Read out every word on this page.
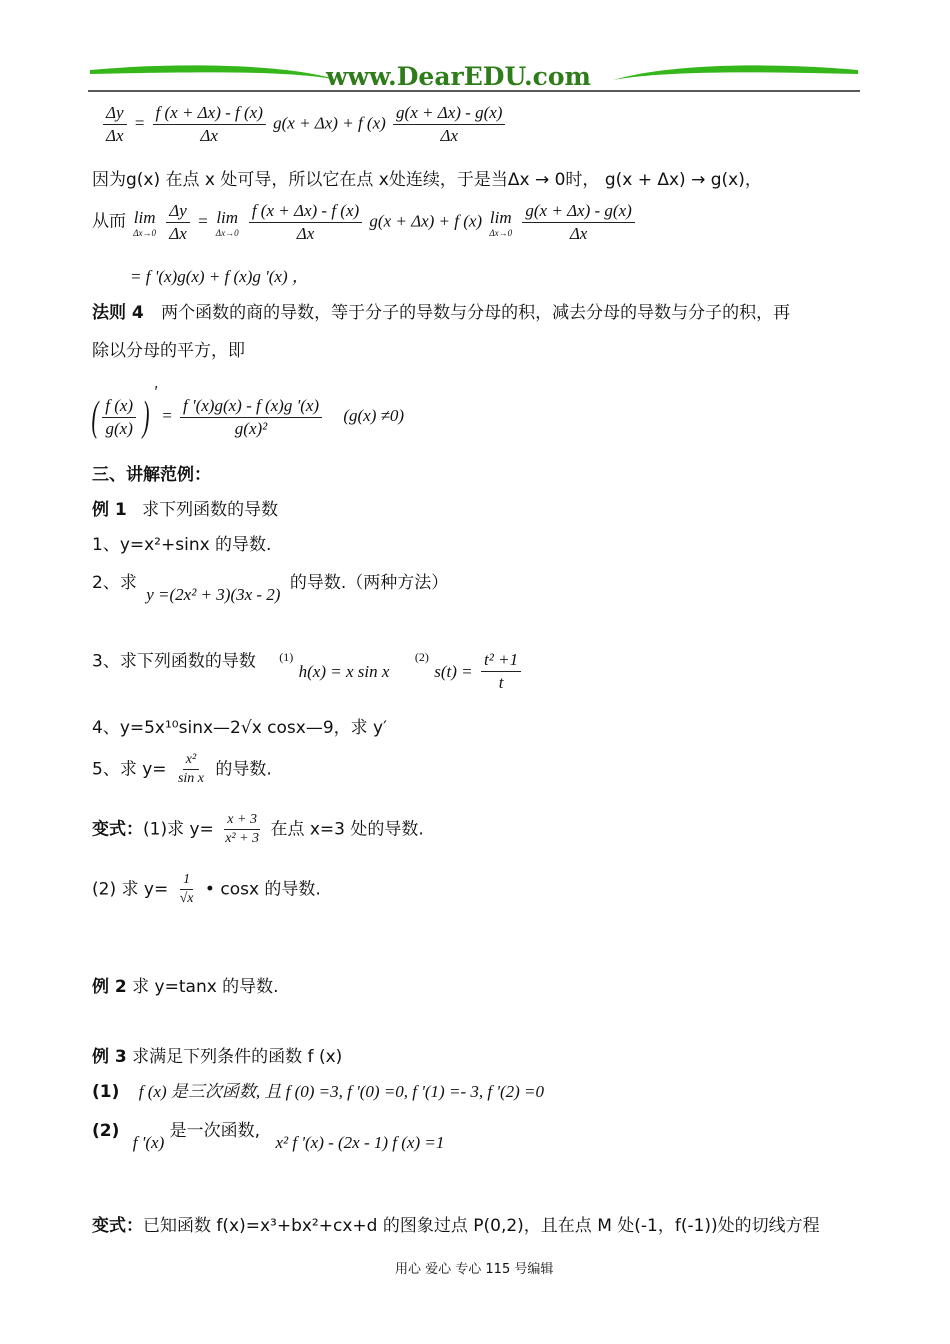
www.DearEDU.com
$\frac{\Delta y}{\Delta x} = \frac{f (x + \Delta x) - f (x)}{\Delta x} g(x + \Delta x) + f$ $(x) \frac{g(x + \Delta x) - g(x)}{\Delta x}$
因为g(x) 在点 x 处可导，所以它在点 x处连续，于是当Δx → 0时， g(x + Δx) → g(x)，
从而 lim
Δx→0
$\frac{\Delta y}{\Delta x} = \lim$
Δx→0
$\frac{f (x + \Delta x) - f (x)}{\Delta x} g(x + \Delta x) + f$ (x) lim
Δx→0
$\frac{g(x + \Delta x) - g(x)}{\Delta x}$
= f '(x)g(x) + f (x)g '(x) ，
法则 4 两个函数的商的导数，等于分子的导数与分母的积，减去分母的导数与分子的积，再
除以分母的平方，即
( $\frac{f (x)}{g(x)} )' = \frac{f '(x)g(x) - f (x)g '(x)}{\text{g(x)²}} (g(x) \ne 0)$
三、讲解范例：
例 1 求下列函数的导数
1、y=x²+sinx 的导数.
2、求 y =(2x² + 3)(3x - 2) 的导数.（两种方法）
3、求下列函数的导数 $^{(1)}$ h(x) = x sin x $^{(2)}$ $s(t) = \frac{\text{t² +1}}{t}$
4、y=5x¹⁰sinx—2√x cosx—9，求 y′
5、求 $y= \frac{\text{x²}}{\text{sin x}}$ 的导数.
变式：(1)求 $y= \frac{x + 3}{\text{x² + 3}}$ 在点 x=3 处的导数.
(2) 求 $y= \frac{1}{√x}$ • cosx 的导数.
例 2 求 y=tanx 的导数.
例 3 求满足下列条件的函数 f (x)
(1) f (x) 是三次函数, 且 f (0) =3, f '(0) =0, f '(1) =- 3, f '(2) =0
(2) f '(x) 是一次函数, x² f '(x) - (2x - 1) f (x) =1
变式：已知函数 f(x)=x³+bx²+cx+d 的图象过点 P(0,2)，且在点 M 处(-1，f(-1))处的切线方程
用心 爱心 专心 115 号编辑
